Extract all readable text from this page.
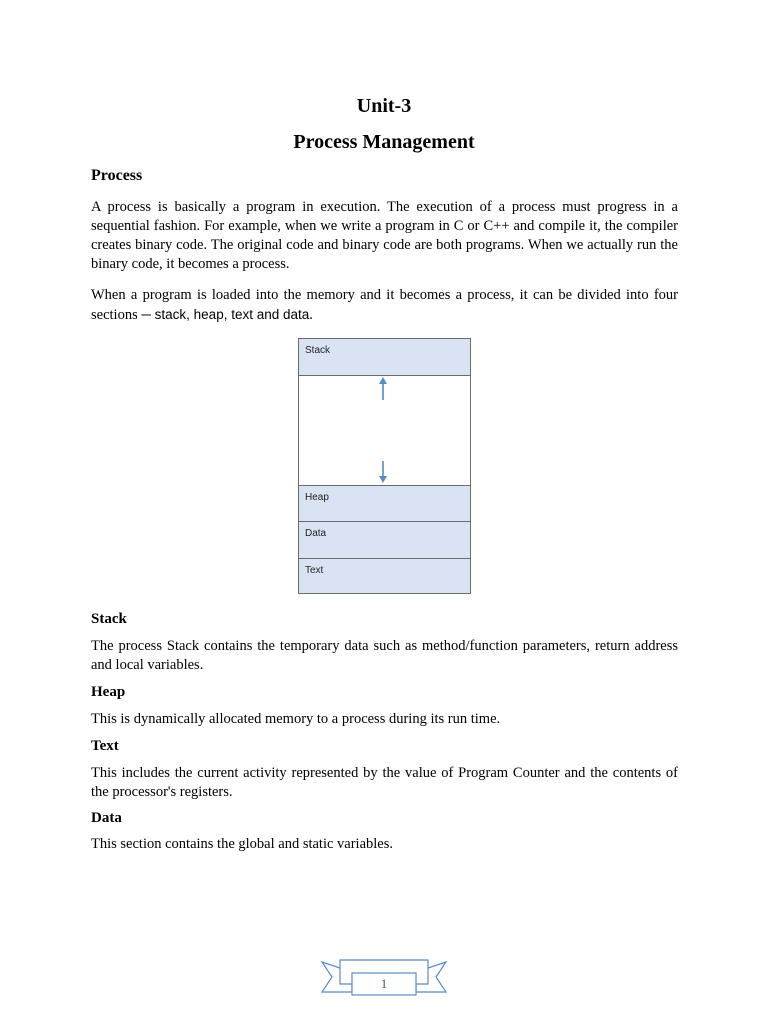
Unit-3
Process Management
Process

A process is basically a program in execution. The execution of a process must progress in a sequential fashion. For example, when we write a program in C or C++ and compile it, the compiler creates binary code. The original code and binary code are both programs. When we actually run the binary code, it becomes a process.

When a program is loaded into the memory and it becomes a process, it can be divided into four sections ─ stack, heap, text and data.

Stack
Heap
Data
Text
Stack

The process Stack contains the temporary data such as method/function parameters, return address and local variables.

Heap

This is dynamically allocated memory to a process during its run time.

Text

This includes the current activity represented by the value of Program Counter and the contents of the processor's registers.

Data

This section contains the global and static variables.

1
